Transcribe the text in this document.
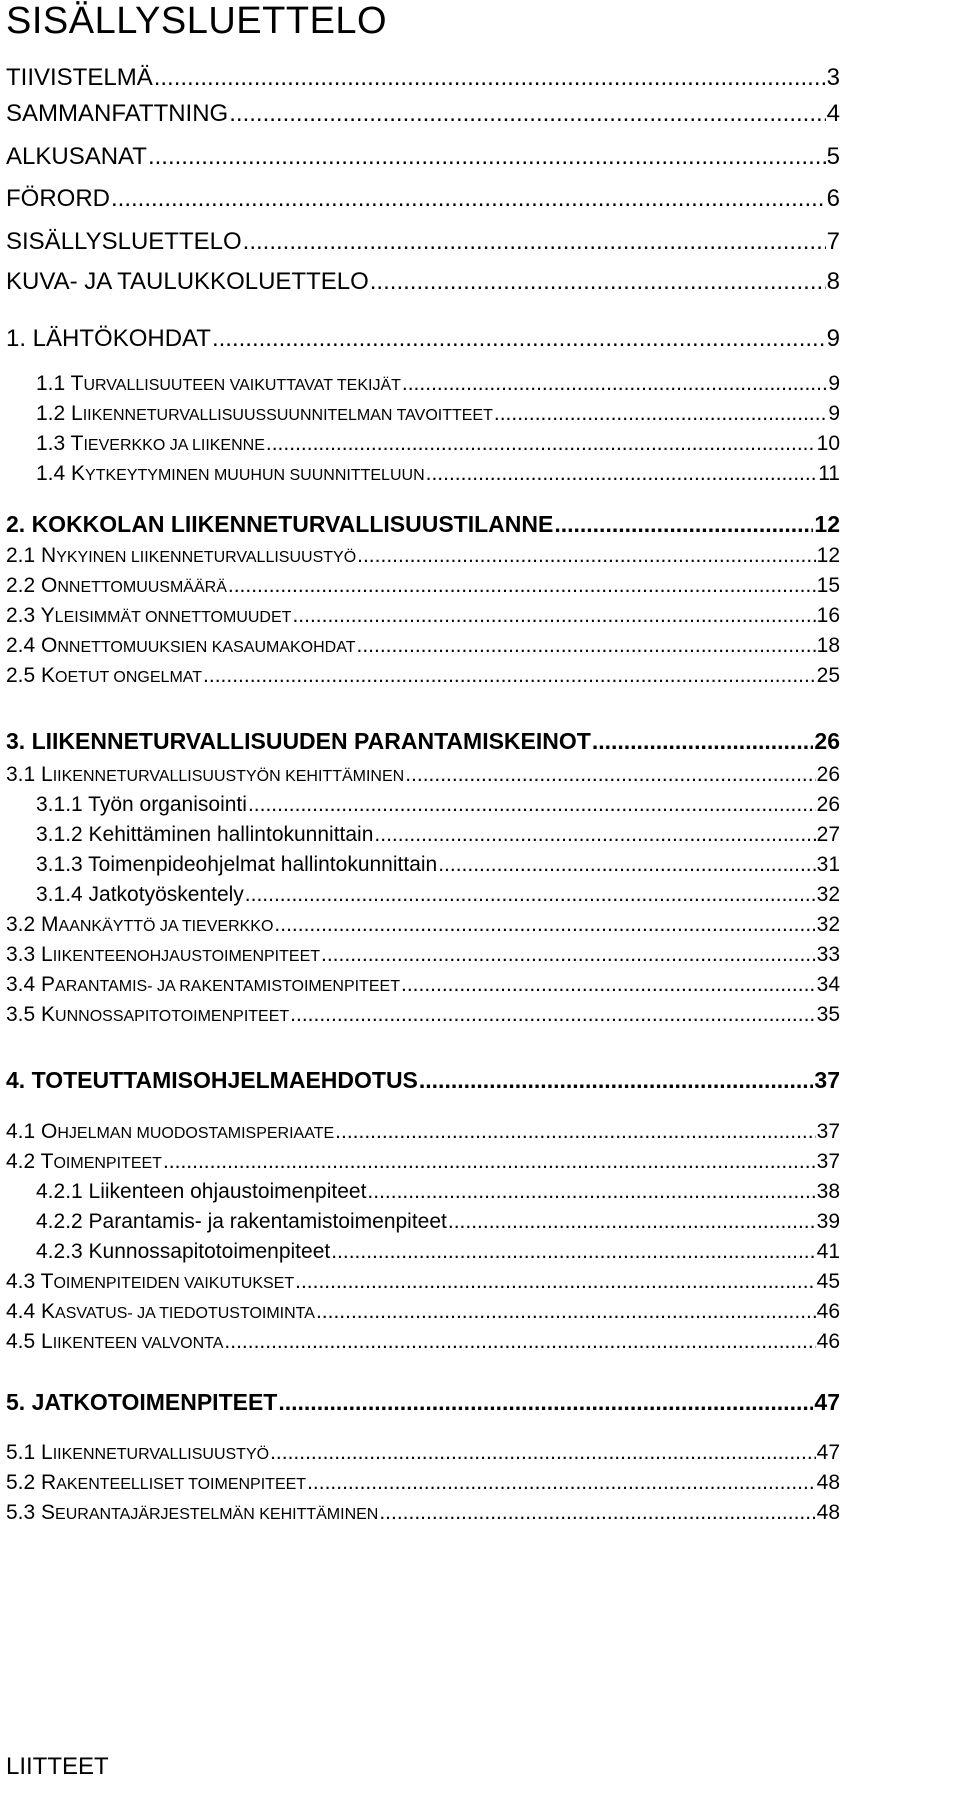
SISÄLLYSLUETTELO
TIIVISTELMÄ .....	3
SAMMANFATTNING .....	4
ALKUSANAT .....	5
FÖRORD .....	6
SISÄLLYSLUETTELO .....	7
KUVA- JA TAULUKKOLUETTELO .....	8
1. LÄHTÖKOHDAT .....	9
1.1 TURVALLISUUTEEN VAIKUTTAVAT TEKIJÄT .....	9
1.2 LIIKENNETURVALLISUUSSUUNNITELMAN TAVOITTEET .....	9
1.3 TIEVERKKO JA LIIKENNE .....	10
1.4 KYTKEYTYMINEN MUUHUN SUUNNITTELUUN .....	11
2. KOKKOLAN LIIKENNETURVALLISUUSTILANNE .....	12
2.1 NYKYINEN LIIKENNETURVALLISUUSTYÖ .....	12
2.2 ONNETTOMUUSMÄÄRÄ .....	15
2.3 YLEISIMMÄT ONNETTOMUUDET .....	16
2.4 ONNETTOMUUKSIEN KASAUMAKOHDAT .....	18
2.5 KOETUT ONGELMAT .....	25
3. LIIKENNETURVALLISUUDEN PARANTAMISKEINOT .....	26
3.1 LIIKENNETURVALLISUUSTYÖN KEHITTÄMINEN .....	26
3.1.1 Työn organisointi .....	26
3.1.2 Kehittäminen hallintokunnittain .....	27
3.1.3 Toimenpideohjelmat hallintokunnittain .....	31
3.1.4 Jatkotyöskentely .....	32
3.2 MAANKÄYTTÖ JA TIEVERKKO .....	32
3.3 LIIKENTEENOHJAUSTOIMENPITEET .....	33
3.4 PARANTAMIS- JA RAKENTAMISTOIMENPITEET .....	34
3.5 KUNNOSSAPITOTOIMENPITEET .....	35
4. TOTEUTTAMISOHJELMAEHDOTUS .....	37
4.1 OHJELMAN MUODOSTAMISPERIAATE .....	37
4.2 TOIMENPITEET .....	37
4.2.1 Liikenteen ohjaustoimenpiteet .....	38
4.2.2 Parantamis- ja rakentamistoimenpiteet .....	39
4.2.3 Kunnossapitotoimenpiteet .....	41
4.3 TOIMENPITEIDEN VAIKUTUKSET .....	45
4.4 KASVATUS- JA TIEDOTUSTOIMINTA .....	46
4.5 LIIKENTEEN VALVONTA .....	46
5. JATKOTOIMENPITEET .....	47
5.1 LIIKENNETURVALLISUUSTYÖ .....	47
5.2 RAKENTEELLISET TOIMENPITEET .....	48
5.3 SEURANTAJÄRJESTELMÄN KEHITTÄMINEN .....	48
LIITTEET
